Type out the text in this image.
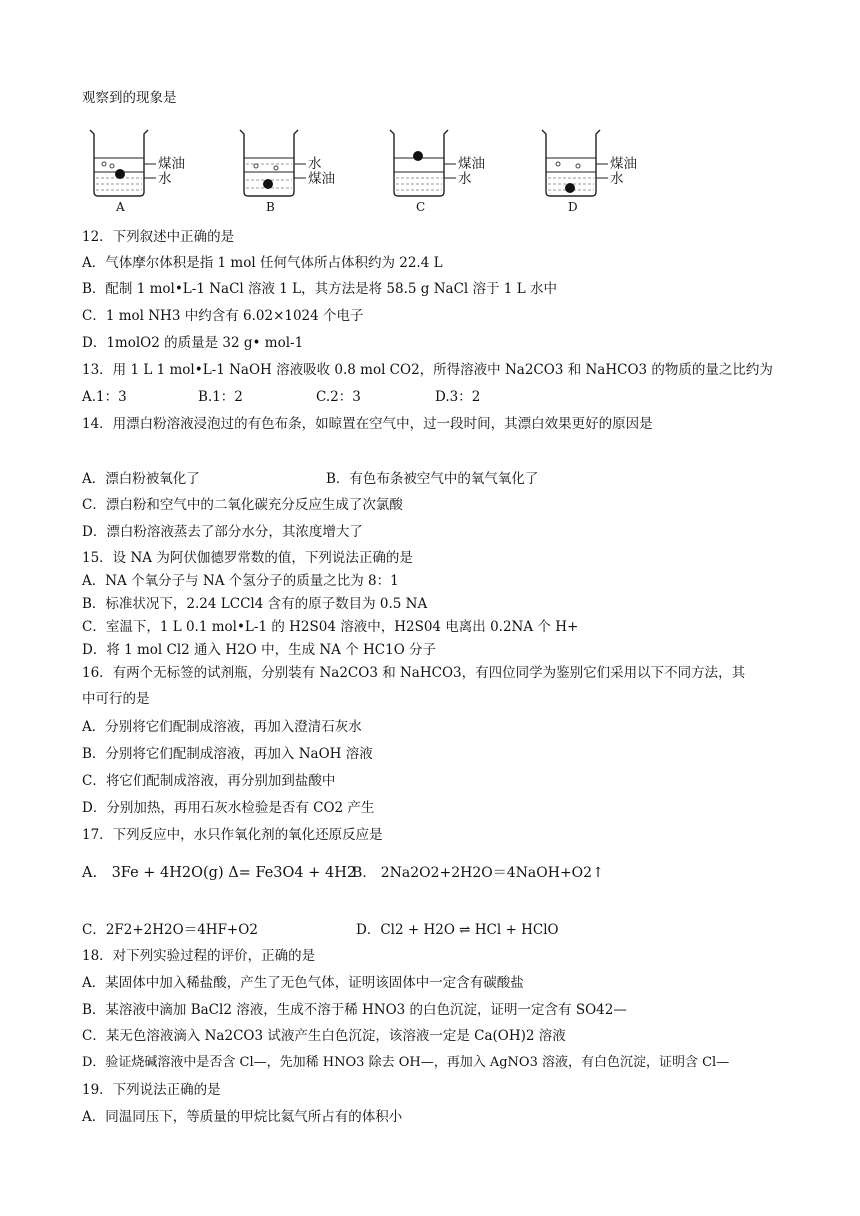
观察到的现象是
煤油
水
A
水
煤油
B
煤油
水
C
煤油
水
D
12．下列叙述中正确的是
A．气体摩尔体积是指 1 mol 任何气体所占体积约为 22.4 L
B．配制 1 mol•L-1 NaCl 溶液 1 L，其方法是将 58.5 g NaCl 溶于 1 L 水中
C．1 mol NH3 中约含有 6.02×1024 个电子
D．1molO2 的质量是 32 g• mol-1
13．用 1 L 1 mol•L-1 NaOH 溶液吸收 0.8 mol CO2，所得溶液中 Na2CO3 和 NaHCO3 的物质的量之比约为
A.1：3	B.1：2	C.2：3	D.3：2
14．用漂白粉溶液浸泡过的有色布条，如晾置在空气中，过一段时间，其漂白效果更好的原因是
A．漂白粉被氧化了	B．有色布条被空气中的氧气氧化了
C．漂白粉和空气中的二氧化碳充分反应生成了次氯酸
D．漂白粉溶液蒸去了部分水分，其浓度增大了
15．设 NA 为阿伏伽德罗常数的值，下列说法正确的是
A．NA 个氧分子与 NA 个氢分子的质量之比为 8：1
B．标准状况下，2.24 LCCl4 含有的原子数目为 0.5 NA
C．室温下，1 L 0.1 mol•L-1 的 H2S04 溶液中，H2S04 电离出 0.2NA 个 H+
D．将 1 mol Cl2 通入 H2O 中，生成 NA 个 HC1O 分子
16．有两个无标签的试剂瓶，分别装有 Na2CO3 和 NaHCO3，有四位同学为鉴别它们采用以下不同方法，其
中可行的是
A．分别将它们配制成溶液，再加入澄清石灰水
B．分别将它们配制成溶液，再加入 NaOH 溶液
C．将它们配制成溶液，再分别加到盐酸中
D．分别加热，再用石灰水检验是否有 CO2 产生
17．下列反应中，水只作氧化剂的氧化还原反应是
A.　3Fe + 4H2O(g) Δ= Fe3O4 + 4H2
B.　2Na2O2+2H2O＝4NaOH+O2↑
C．2F2+2H2O＝4HF+O2	D．Cl2 + H2O ⇌ HCl + HClO
18．对下列实验过程的评价，正确的是
A．某固体中加入稀盐酸，产生了无色气体，证明该固体中一定含有碳酸盐
B．某溶液中滴加 BaCl2 溶液，生成不溶于稀 HNO3 的白色沉淀，证明一定含有 SO42—
C．某无色溶液滴入 Na2CO3 试液产生白色沉淀，该溶液一定是 Ca(OH)2 溶液
D．验证烧碱溶液中是否含 Cl—，先加稀 HNO3 除去 OH—，再加入 AgNO3 溶液，有白色沉淀，证明含 Cl—
19．下列说法正确的是
A．同温同压下，等质量的甲烷比氦气所占有的体积小
